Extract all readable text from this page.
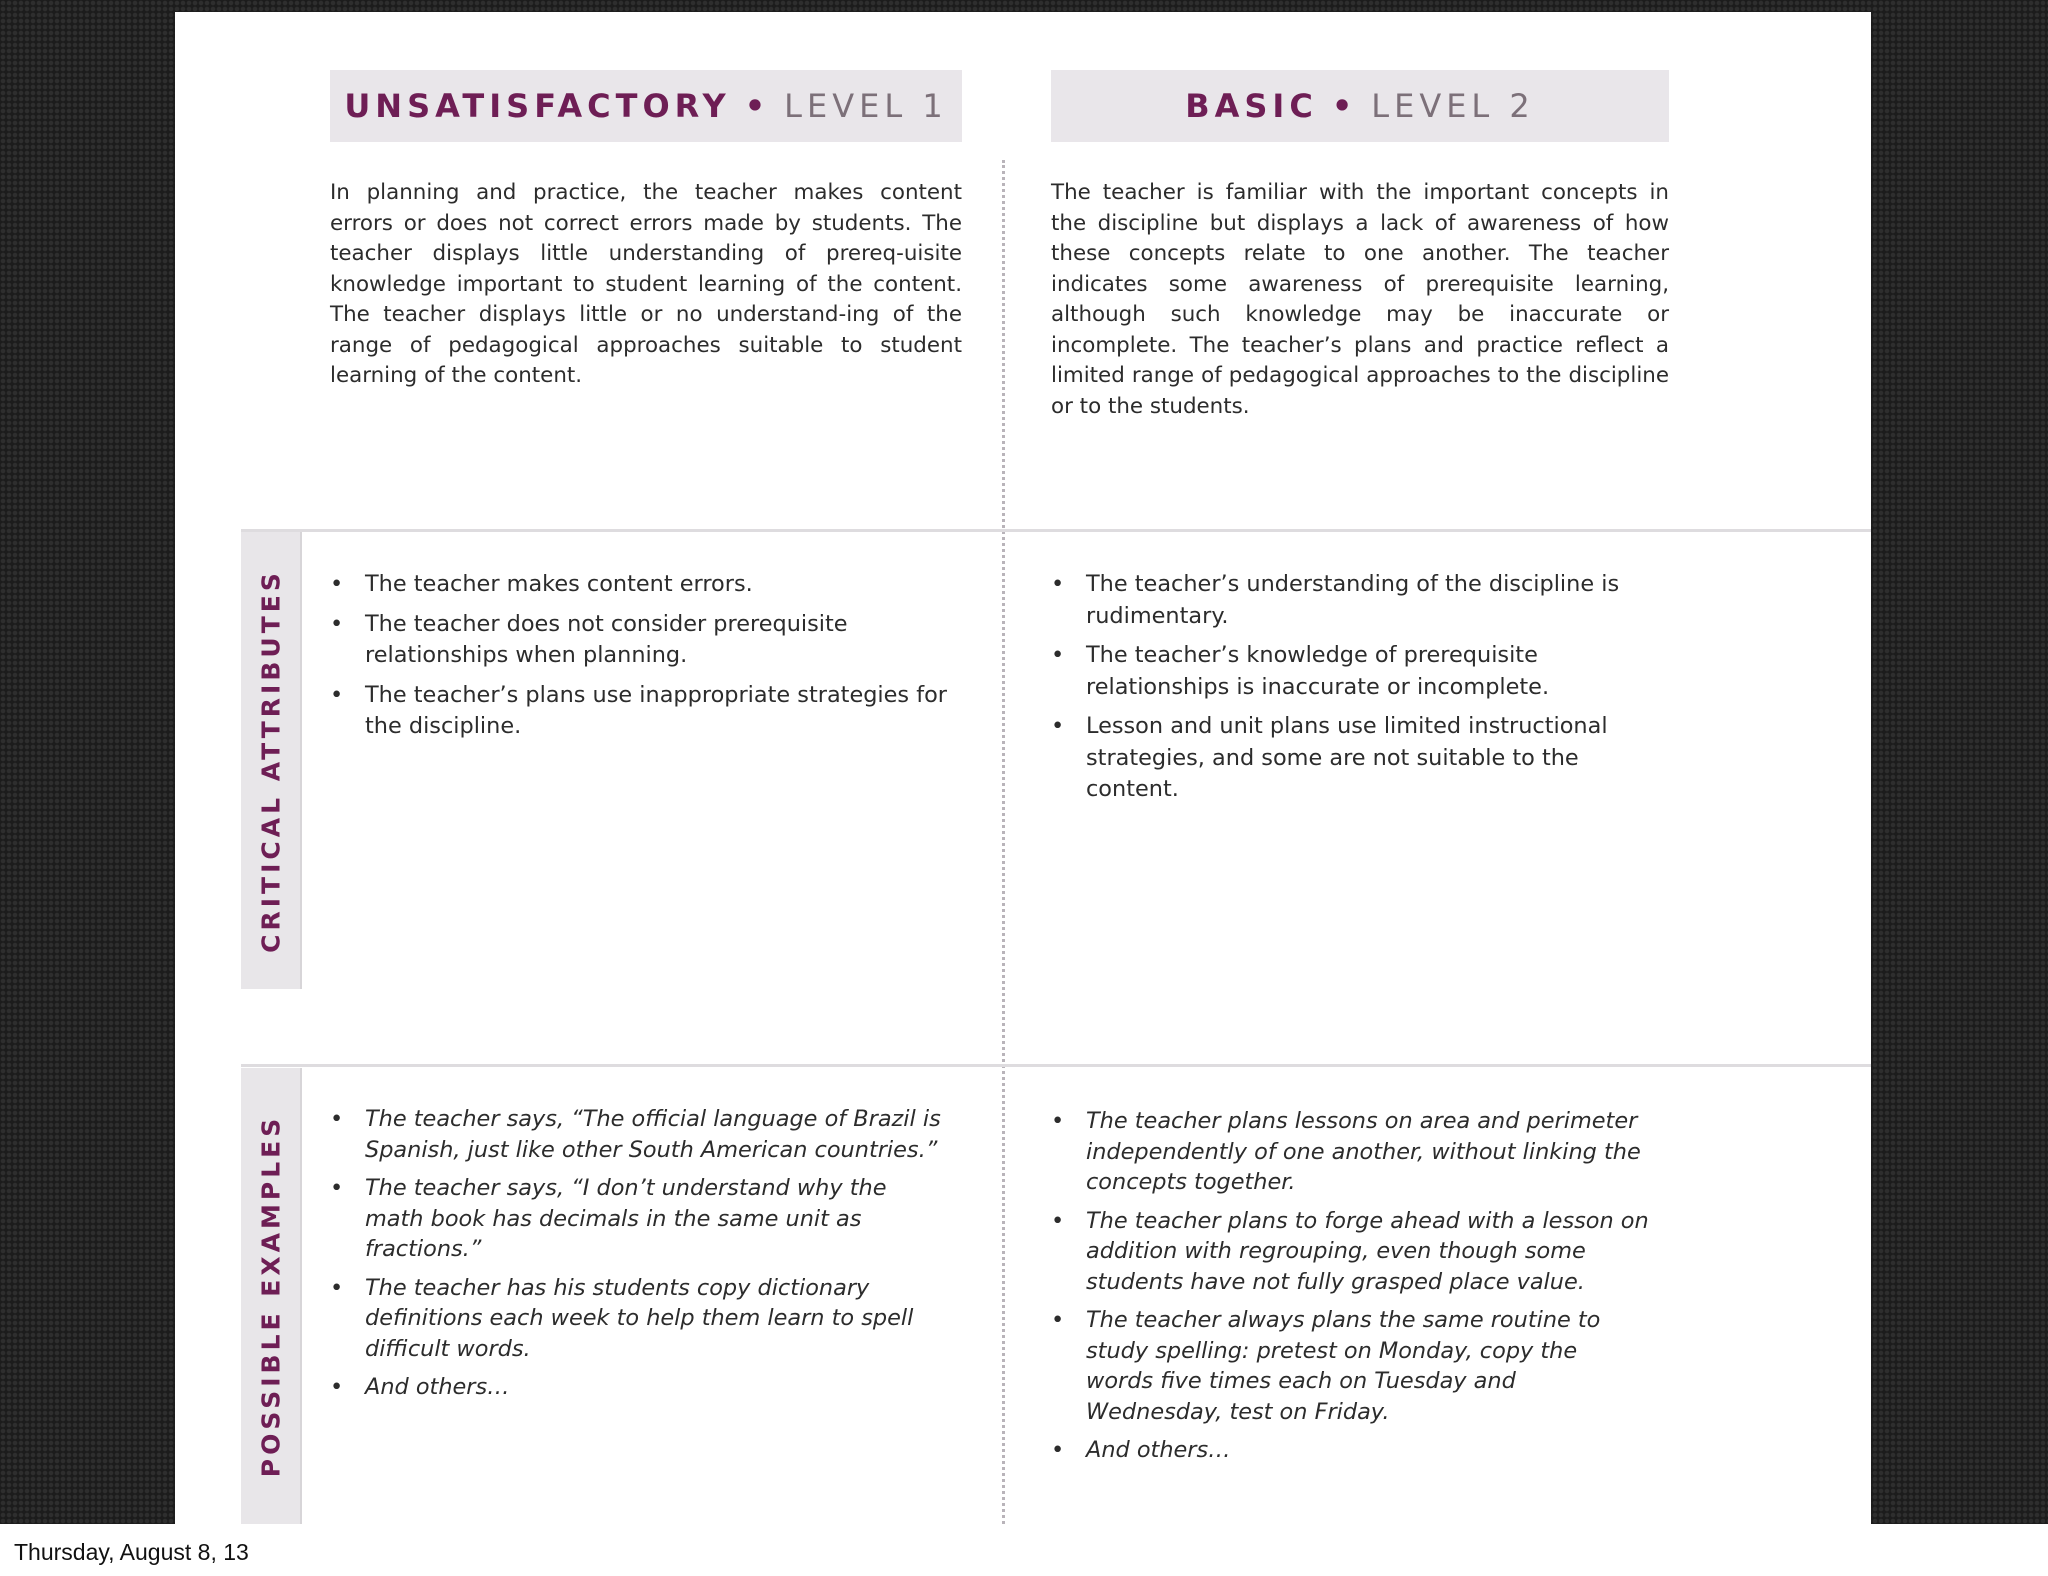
UNSATISFACTORY • LEVEL 1	BASIC • LEVEL 2

In planning and practice, the teacher makes content errors or does not correct errors made by students. The teacher displays little understanding of prereq-uisite knowledge important to student learning of the content. The teacher displays little or no understand-ing of the range of pedagogical approaches suitable to student learning of the content.

The teacher is familiar with the important concepts in the discipline but displays a lack of awareness of how these concepts relate to one another. The teacher indicates some awareness of prerequisite learning, although such knowledge may be inaccurate or incomplete. The teacher’s plans and practice reflect a limited range of pedagogical approaches to the discipline or to the students.

CRITICAL ATTRIBUTES
POSSIBLE EXAMPLES
• The teacher makes content errors.
• The teacher does not consider prerequisite relationships when planning.
• The teacher’s plans use inappropriate strategies for the discipline.
• The teacher’s understanding of the discipline is rudimentary.
• The teacher’s knowledge of prerequisite relationships is inaccurate or incomplete.
• Lesson and unit plans use limited instructional strategies, and some are not suitable to the content.
• The teacher says, “The official language of Brazil is Spanish, just like other South American countries.”
• The teacher says, “I don’t understand why the math book has decimals in the same unit as fractions.”
• The teacher has his students copy dictionary definitions each week to help them learn to spell difficult words.
• And others…
• The teacher plans lessons on area and perimeter independently of one another, without linking the concepts together.
• The teacher plans to forge ahead with a lesson on addition with regrouping, even though some students have not fully grasped place value.
• The teacher always plans the same routine to study spelling: pretest on Monday, copy the words five times each on Tuesday and Wednesday, test on Friday.
• And others…
Thursday, August 8, 13
